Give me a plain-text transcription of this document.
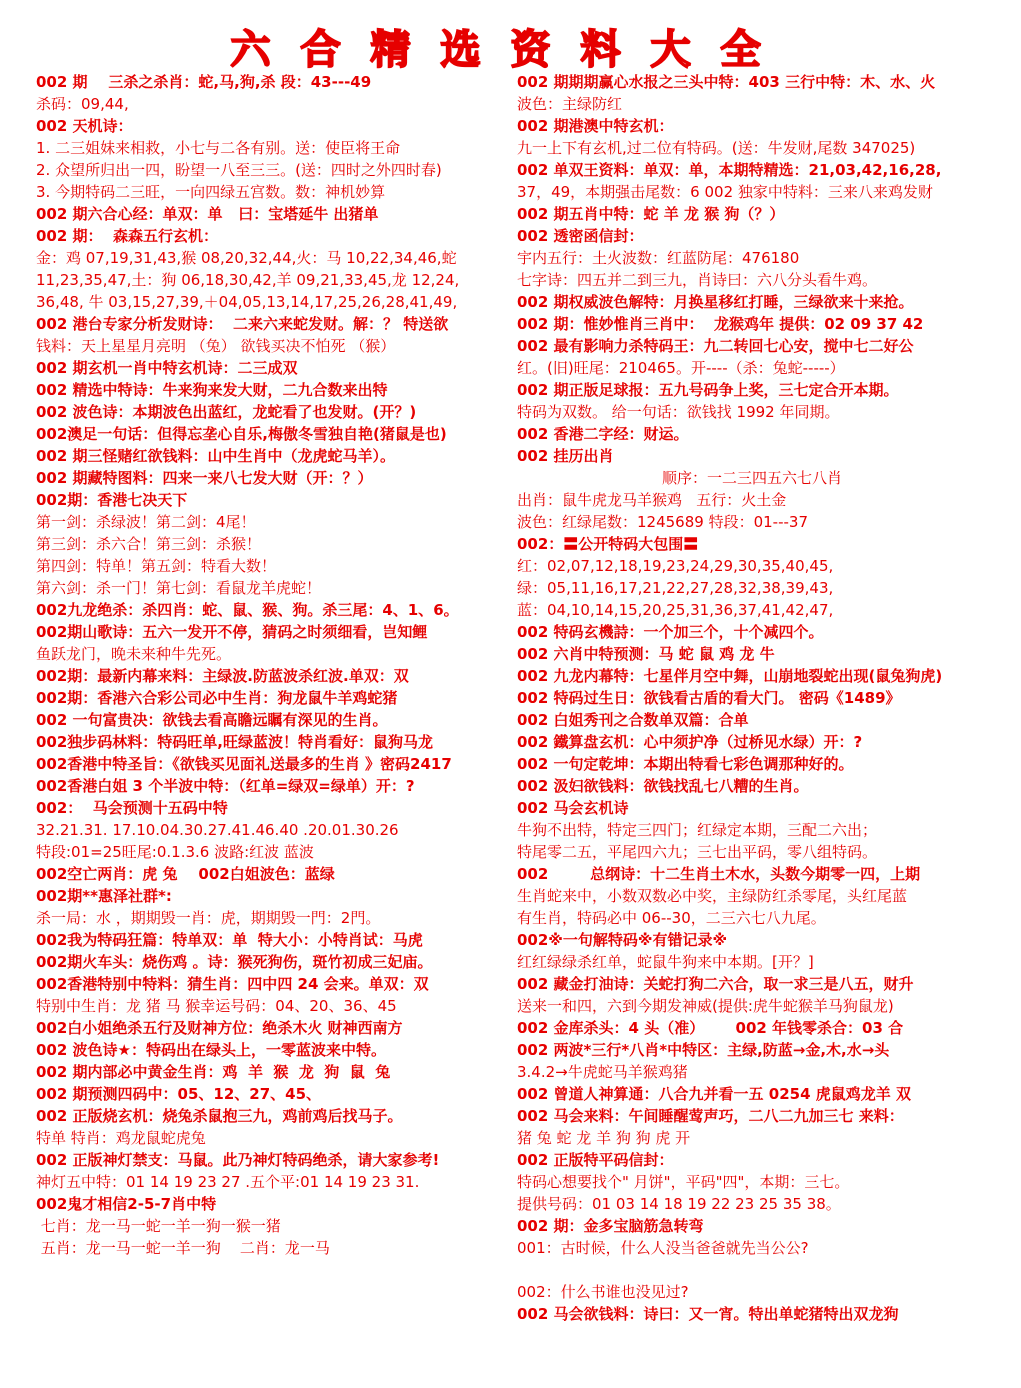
六合精选资料大全
002 期    三杀之杀肖：蛇,马,狗,杀 段：43---49
杀码：09,44,
002 天机诗：
1. 二三姐妹来相救，小七与二各有别。送：使臣将王命
2. 众望所归出一四，盼望一八至三三。(送：四时之外四时春)
3. 今期特码二三旺，一向四绿五宫数。数：神机妙算
002 期六合心经：单双：单   曰：宝塔延牛 出猪单
002 期：  森森五行玄机：
金：鸡 07,19,31,43,猴 08,20,32,44,火：马 10,22,34,46,蛇
11,23,35,47,土：狗 06,18,30,42,羊 09,21,33,45,龙 12,24,
36,48, 牛 03,15,27,39,＋04,05,13,14,17,25,26,28,41,49,
002 港台专家分析发财诗：  二来六来蛇发财。解：？ 特送欲
钱料：天上星星月亮明 （兔） 欲钱买决不怕死 （猴）
002 期玄机一肖中特玄机诗：二三成双
002 精选中特诗：牛来狗来发大财，二九合数来出特
002 波色诗：本期波色出蓝红，龙蛇看了也发财。(开？)
002澳足一句话：但得忘垄心自乐,梅傲冬雪独自艳(猪鼠是也)
002 期三怪赌红欲钱料：山中生肖中（龙虎蛇马羊）。
002 期藏特图料：四来一来八七发大财（开：？）
002期：香港七决天下
第一剑：杀绿波！第二剑：4尾！
第三剑：杀六合！第三剑：杀猴！
第四剑：特单！第五剑：特看大数！
第六剑：杀一门！第七剑：看鼠龙羊虎蛇！
002九龙绝杀：杀四肖：蛇、鼠、猴、狗。杀三尾：4、1、6。
002期山歌诗：五六一发开不停，猜码之时须细看，岂知鲤
鱼跃龙门，晚未来种牛先死。
002期：最新内幕来料：主绿波.防蓝波杀红波.单双：双
002期：香港六合彩公司必中生肖：狗龙鼠牛羊鸡蛇猪
002 一句富贵决：欲钱去看高瞻远瞩有深见的生肖。
002独步码林料：特码旺单,旺绿蓝波！特肖看好：鼠狗马龙
002香港中特圣旨：《欲钱买见面礼送最多的生肖 》密码2417
002香港白姐 3 个半波中特：（红单=绿双=绿单）开：?
002：  马会预测十五码中特
32.21.31. 17.10.04.30.27.41.46.40 .20.01.30.26
特段:01=25旺尾:0.1.3.6 波路:红波 蓝波
002空亡两肖：虎 兔    002白姐波色：蓝绿
002期**惠泽社群*:
杀一局：水 ，期期毁一肖：虎，期期毁一門：2門。
002我为特码狂篇：特单双：单  特大小：小特肖试：马虎
002期火车头：烧伤鸡 。诗：猴死狗伤，斑竹初成三妃庙。
002香港特别中特料：猜生肖：四中四 24 会来。单双：双
特别中生肖：龙 猪 马 猴幸运号码：04、20、36、45
002白小姐绝杀五行及财神方位：绝杀木火 财神西南方
002 波色诗★：特码出在绿头上，一零蓝波来中特。
002 期内部必中黄金生肖：鸡  羊  猴  龙  狗  鼠  兔
002 期预测四码中：05、12、27、45、
002 正版烧玄机：烧兔杀鼠抱三九，鸡前鸡后找马子。
特单 特肖：鸡龙鼠蛇虎兔
002 正版神灯禁支：马鼠。此乃神灯特码绝杀，请大家参考!
神灯五中特：01 14 19 23 27 .五个平:01 14 19 23 31.
002鬼才相信2-5-7肖中特
七肖：龙一马一蛇一羊一狗一猴一猪
五肖：龙一马一蛇一羊一狗    二肖：龙一马
002 期期期赢心水报之三头中特：403 三行中特：木、水、火
波色：主绿防红
002 期港澳中特玄机：
九一上下有玄机,过二位有特码。(送：牛发财,尾数 347025)
002 单双王资料：单双：单，本期特精选：21,03,42,16,28,
37，49，本期强击尾数：6 002 独家中特料：三来八来鸡发财
002 期五肖中特：蛇 羊 龙 猴 狗（？）
002 透密函信封：
宇内五行：土火波数：红蓝防尾：476180
七字诗：四五并二到三九，肖诗曰：六八分头看牛鸡。
002 期权威波色解特：月换星移红打睡，三绿欲来十来抢。
002 期：惟妙惟肖三肖中：  龙猴鸡年 提供：02 09 37 42
002 最有影响力杀特码王：九二转回七心安，搅中七二好公
红。(旧)旺尾：210465。开----（杀：兔蛇-----）
002 期正版足球报：五九号码争上奖，三七定合开本期。
特码为双数。 给一句话：欲钱找 1992 年同期。
002 香港二字经：财运。
002 挂历出肖
顺序：一二三四五六七八肖
出肖：鼠牛虎龙马羊猴鸡   五行：火土金
波色：红绿尾数：1245689 特段：01---37
002：〓公开特码大包围〓
红：02,07,12,18,19,23,24,29,30,35,40,45,
绿：05,11,16,17,21,22,27,28,32,38,39,43,
蓝：04,10,14,15,20,25,31,36,37,41,42,47,
002 特码玄機詩：一个加三个，十个减四个。
002 六肖中特预测：马 蛇 鼠 鸡 龙 牛
002 九龙内幕特：七星伴月空中舞，山崩地裂蛇出现(鼠兔狗虎)
002 特码过生日：欲钱看古盾的看大门。 密码《1489》
002 白姐秀刊之合数单双篇：合单
002 鐵算盘玄机：心中须护净（过桥见水绿）开：?
002 一句定乾坤：本期出特看七彩色调那种好的。
002 汲妇欲钱料：欲钱找乱七八糟的生肖。
002 马会玄机诗
牛狗不出特，特定三四门；红绿定本期，三配二六出；
特尾零二五，平尾四六九；三七出平码，零八组特码。
002        总纲诗：十二生肖土木水，头数今期零一四，上期
生肖蛇来中，小数双数必中奖，主绿防红杀零尾，头红尾蓝
有生肖，特码必中 06--30，二三六七八九尾。
002※一句解特码※有错记录※
红红绿绿杀红单，蛇鼠牛狗来中本期。[开？]
002 藏金打油诗：关蛇打狗二六合，取一求三是八五，财升
送来一和四，六到今期发神威(提供:虎牛蛇猴羊马狗鼠龙)
002 金库杀头：4 头（准）      002 年钱零杀合：03 合
002 两波*三行*八肖*中特区：主绿,防蓝→金,木,水→头
3.4.2→牛虎蛇马羊猴鸡猪
002 曾道人神算通：八合九并看一五 0254 虎鼠鸡龙羊 双
002 马会来料：午间睡醒莺声巧，二八二九加三七 来料：
猪 兔 蛇 龙 羊 狗 狗 虎 开
002 正版特平码信封：
特码心想要找个" 月饼"，平码"四"，本期：三七。
提供号码：01 03 14 18 19 22 23 25 35 38。
002 期：金多宝脑筋急转弯
001：古时候，什么人没当爸爸就先当公公?
002：什么书谁也没见过?
002 马会欲钱料：诗曰：又一宵。特出单蛇猪特出双龙狗
